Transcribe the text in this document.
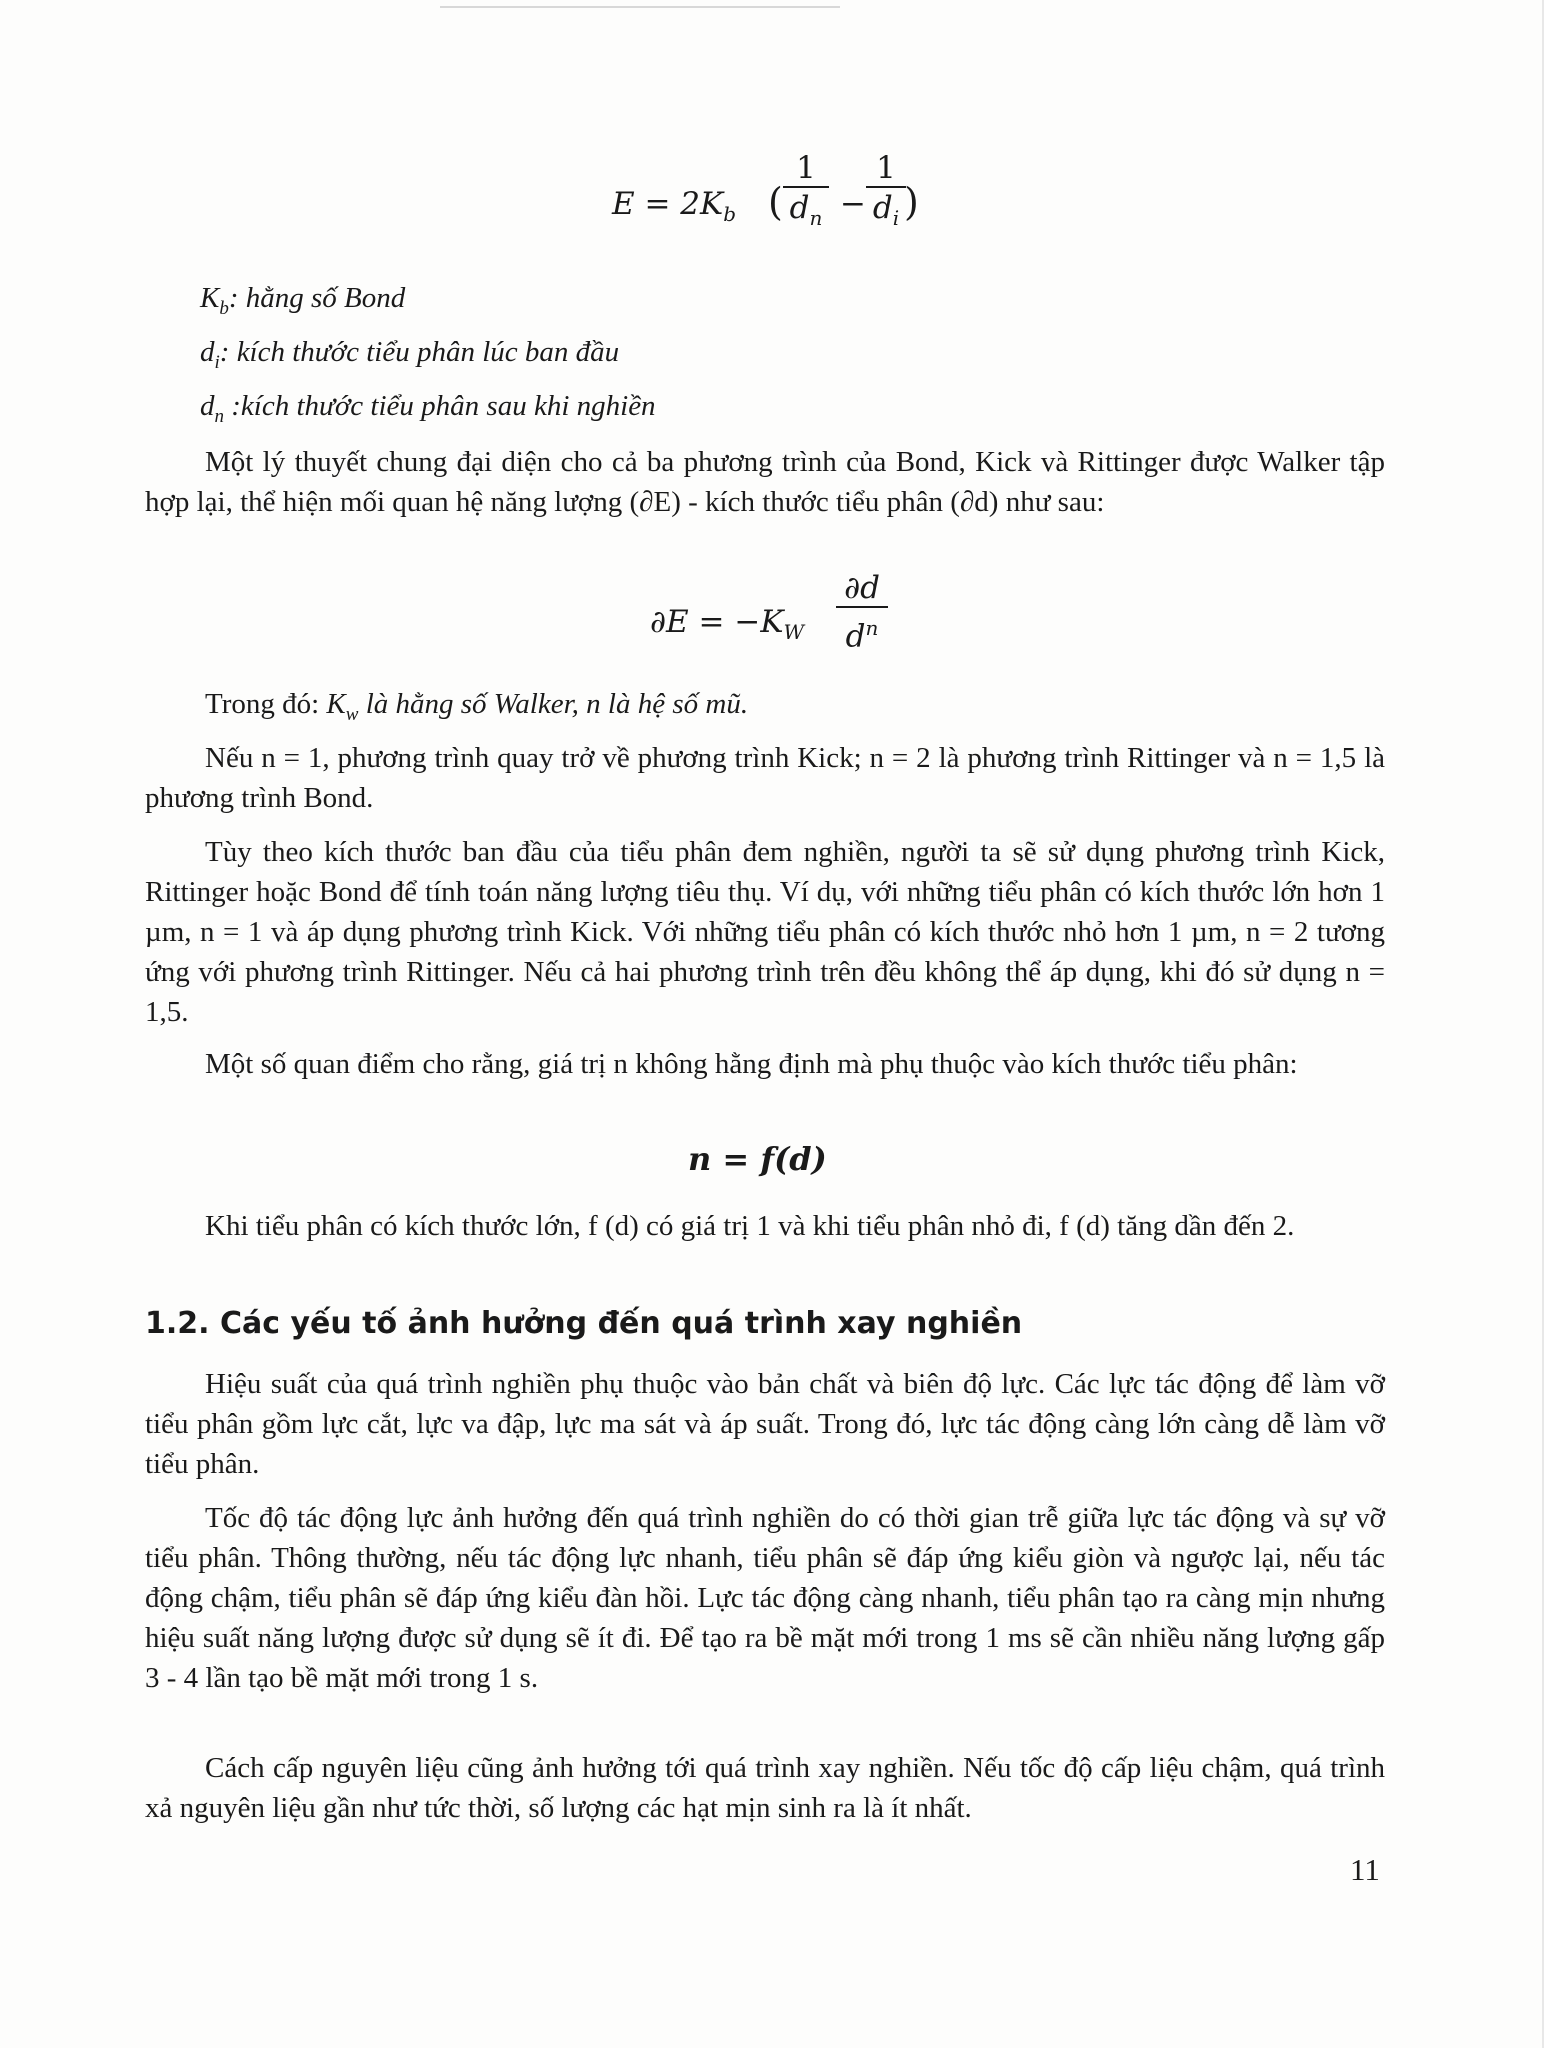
$E = 2K_b$ (
1
$d_n$ −
1
$d_i$ )
$K_b$: hằng số Bond
$d_i$: kích thước tiểu phân lúc ban đầu
$d_n$ :kích thước tiểu phân sau khi nghiền

Một lý thuyết chung đại diện cho cả ba phương trình của Bond, Kick và Rittinger được Walker tập hợp lại, thể hiện mối quan hệ năng lượng (∂E) - kích thước tiểu phân (∂d) như sau:

$\partial E = -K_W$
∂d
$d^n$
Trong đó: $K_w$ là hằng số Walker, n là hệ số mũ.

Nếu n = 1, phương trình quay trở về phương trình Kick; n = 2 là phương trình Rittinger và n = 1,5 là phương trình Bond.

Tùy theo kích thước ban đầu của tiểu phân đem nghiền, người ta sẽ sử dụng phương trình Kick, Rittinger hoặc Bond để tính toán năng lượng tiêu thụ. Ví dụ, với những tiểu phân có kích thước lớn hơn 1 µm, n = 1 và áp dụng phương trình Kick. Với những tiểu phân có kích thước nhỏ hơn 1 µm, n = 2 tương ứng với phương trình Rittinger. Nếu cả hai phương trình trên đều không thể áp dụng, khi đó sử dụng n = 1,5.

Một số quan điểm cho rằng, giá trị n không hằng định mà phụ thuộc vào kích thước tiểu phân:

n = f(d)

Khi tiểu phân có kích thước lớn, f (d) có giá trị 1 và khi tiểu phân nhỏ đi, f (d) tăng dần đến 2.

1.2. Các yếu tố ảnh hưởng đến quá trình xay nghiền

Hiệu suất của quá trình nghiền phụ thuộc vào bản chất và biên độ lực. Các lực tác động để làm vỡ tiểu phân gồm lực cắt, lực va đập, lực ma sát và áp suất. Trong đó, lực tác động càng lớn càng dễ làm vỡ tiểu phân.

Tốc độ tác động lực ảnh hưởng đến quá trình nghiền do có thời gian trễ giữa lực tác động và sự vỡ tiểu phân. Thông thường, nếu tác động lực nhanh, tiểu phân sẽ đáp ứng kiểu giòn và ngược lại, nếu tác động chậm, tiểu phân sẽ đáp ứng kiểu đàn hồi. Lực tác động càng nhanh, tiểu phân tạo ra càng mịn nhưng hiệu suất năng lượng được sử dụng sẽ ít đi. Để tạo ra bề mặt mới trong 1 ms sẽ cần nhiều năng lượng gấp 3 - 4 lần tạo bề mặt mới trong 1 s.

Cách cấp nguyên liệu cũng ảnh hưởng tới quá trình xay nghiền. Nếu tốc độ cấp liệu chậm, quá trình xả nguyên liệu gần như tức thời, số lượng các hạt mịn sinh ra là ít nhất.

11
